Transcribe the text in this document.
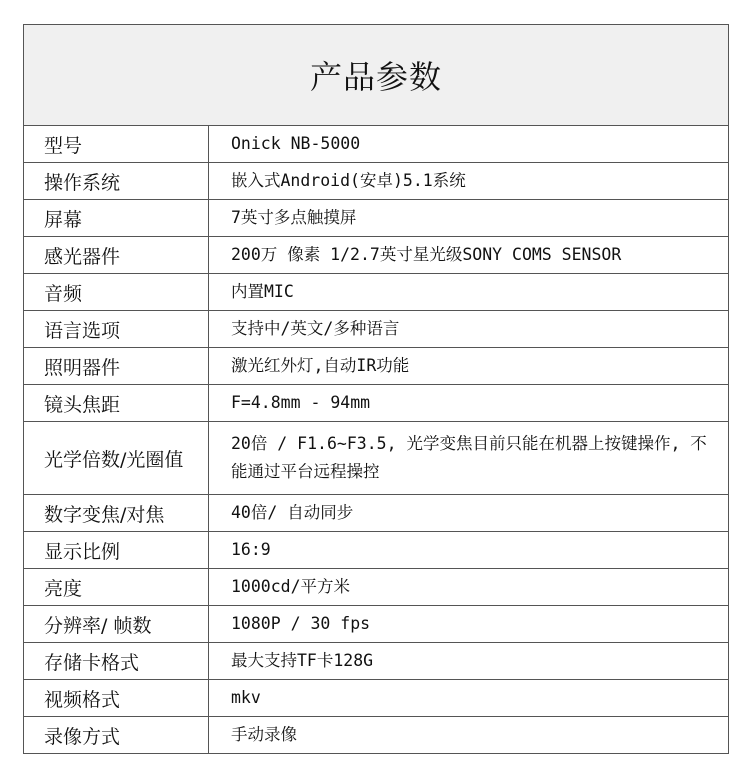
产品参数	
型号	Onick NB-5000
操作系统	嵌入式Android(安卓)5.1系统
屏幕	7英寸多点触摸屏
感光器件	200万 像素 1/2.7英寸星光级SONY COMS SENSOR
音频	内置MIC
语言选项	支持中/英文/多种语言
照明器件	激光红外灯,自动IR功能
镜头焦距	F=4.8mm - 94mm
光学倍数/光圈值	20倍 / F1.6~F3.5, 光学变焦目前只能在机器上按键操作, 不能通过平台远程操控
数字变焦/对焦	40倍/ 自动同步
显示比例	16:9
亮度	1000cd/平方米
分辨率/ 帧数	1080P / 30 fps
存储卡格式	最大支持TF卡128G
视频格式	mkv
录像方式	手动录像
